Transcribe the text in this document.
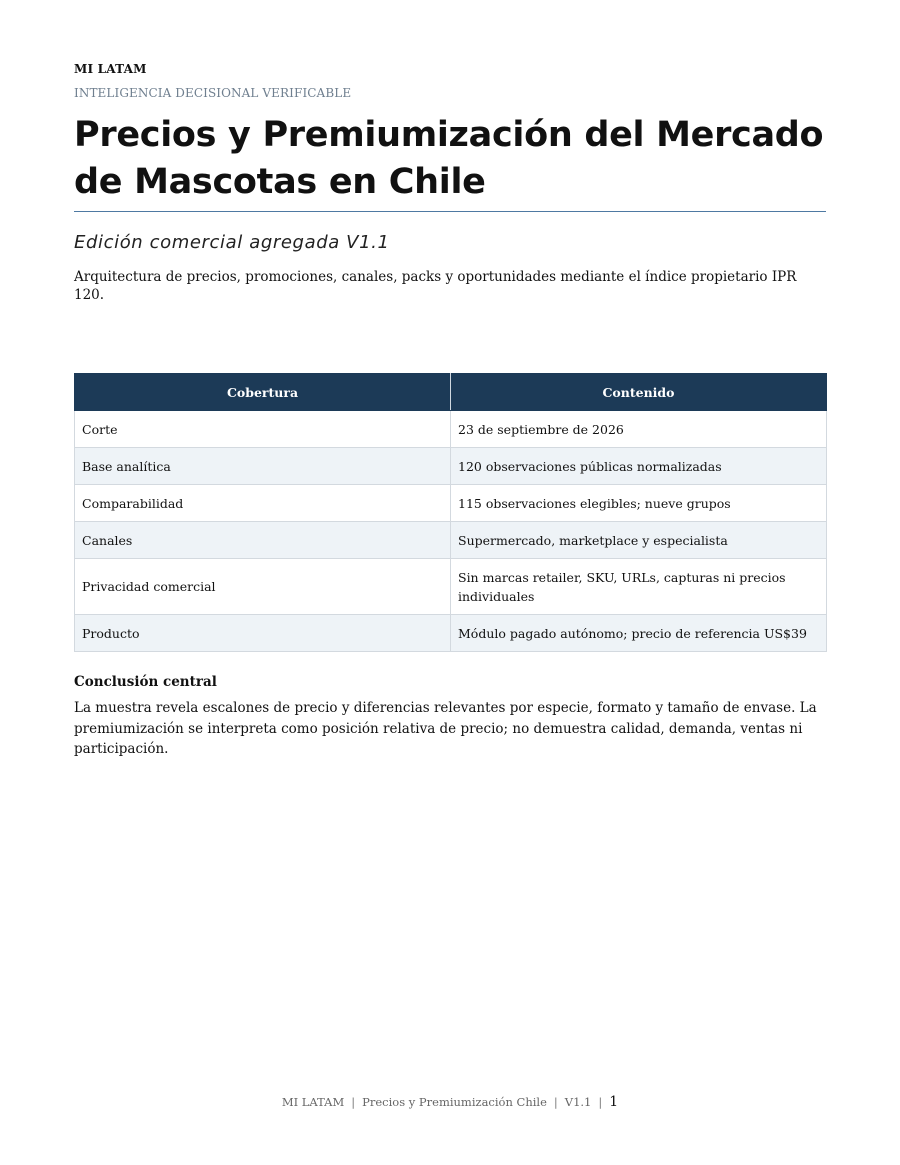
MI LATAM
INTELIGENCIA DECISIONAL VERIFICABLE
Precios y Premiumización del Mercado de Mascotas en Chile
Edición comercial agregada V1.1
Arquitectura de precios, promociones, canales, packs y oportunidades mediante el índice propietario IPR 120.
Cobertura	Contenido
Corte	23 de septiembre de 2026
Base analítica	120 observaciones públicas normalizadas
Comparabilidad	115 observaciones elegibles; nueve grupos
Canales	Supermercado, marketplace y especialista
Privacidad comercial	Sin marcas retailer, SKU, URLs, capturas ni precios individuales
Producto	Módulo pagado autónomo; precio de referencia US$39
Conclusión central
La muestra revela escalones de precio y diferencias relevantes por especie, formato y tamaño de envase. La premiumización se interpreta como posición relativa de precio; no demuestra calidad, demanda, ventas ni participación.
MI LATAM | Precios y Premiumización Chile | V1.1 | 1
